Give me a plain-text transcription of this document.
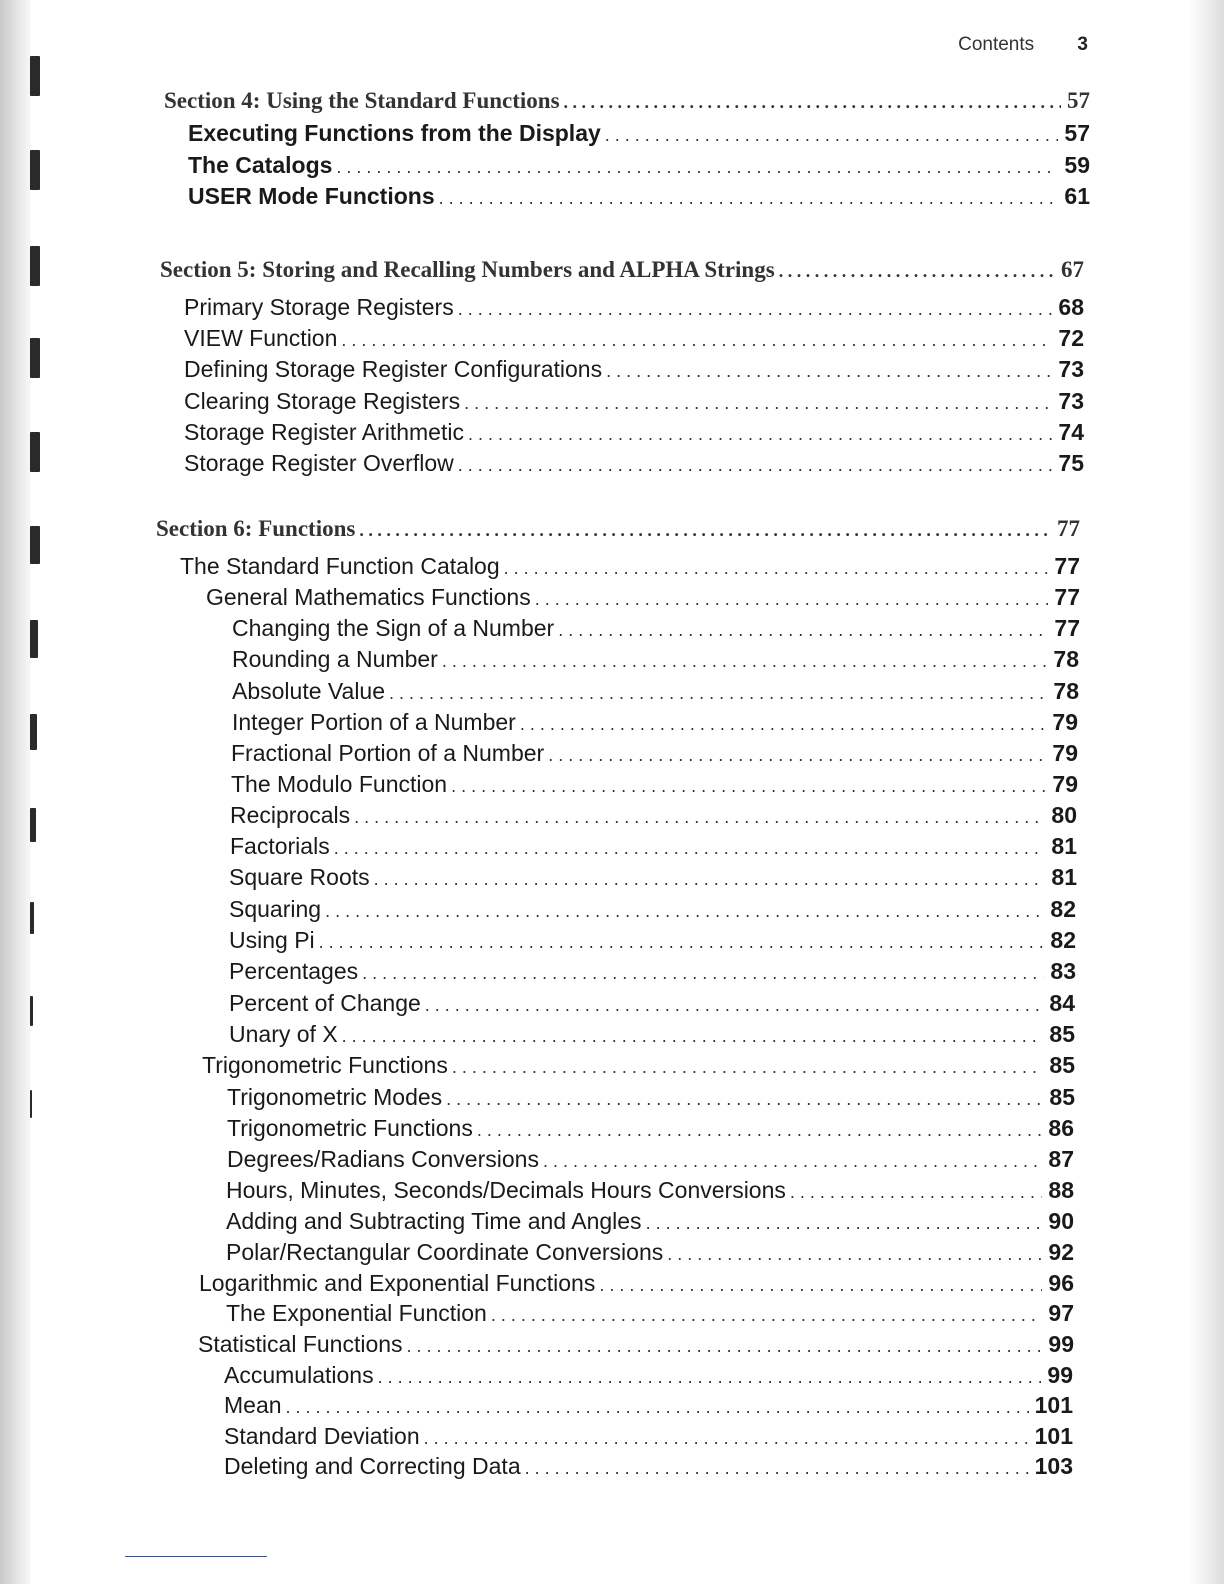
Contents 3
Section 4: Using the Standard Functions . . .	57
Executing Functions from the Display . . .	57
The Catalogs . . .	59
USER Mode Functions . . .	61
Section 5: Storing and Recalling Numbers and ALPHA Strings . . .	67
Primary Storage Registers . . .	68
VIEW Function . . .	72
Defining Storage Register Configurations . . .	73
Clearing Storage Registers . . .	73
Storage Register Arithmetic . . .	74
Storage Register Overflow . . .	75
Section 6: Functions . . .	77
The Standard Function Catalog . . .	77
General Mathematics Functions . . .	77
Changing the Sign of a Number . . .	77
Rounding a Number . . .	78
Absolute Value . . .	78
Integer Portion of a Number . . .	79
Fractional Portion of a Number . . .	79
The Modulo Function . . .	79
Reciprocals . . .	80
Factorials . . .	81
Square Roots . . .	81
Squaring . . .	82
Using Pi . . .	82
Percentages . . .	83
Percent of Change . . .	84
Unary of X . . .	85
Trigonometric Functions . . .	85
Trigonometric Modes . . .	85
Trigonometric Functions . . .	86
Degrees/Radians Conversions . . .	87
Hours, Minutes, Seconds/Decimals Hours Conversions . . .	88
Adding and Subtracting Time and Angles . . .	90
Polar/Rectangular Coordinate Conversions . . .	92
Logarithmic and Exponential Functions . . .	96
The Exponential Function . . .	97
Statistical Functions . . .	99
Accumulations . . .	99
Mean . . .	101
Standard Deviation . . .	101
Deleting and Correcting Data . . .	103
